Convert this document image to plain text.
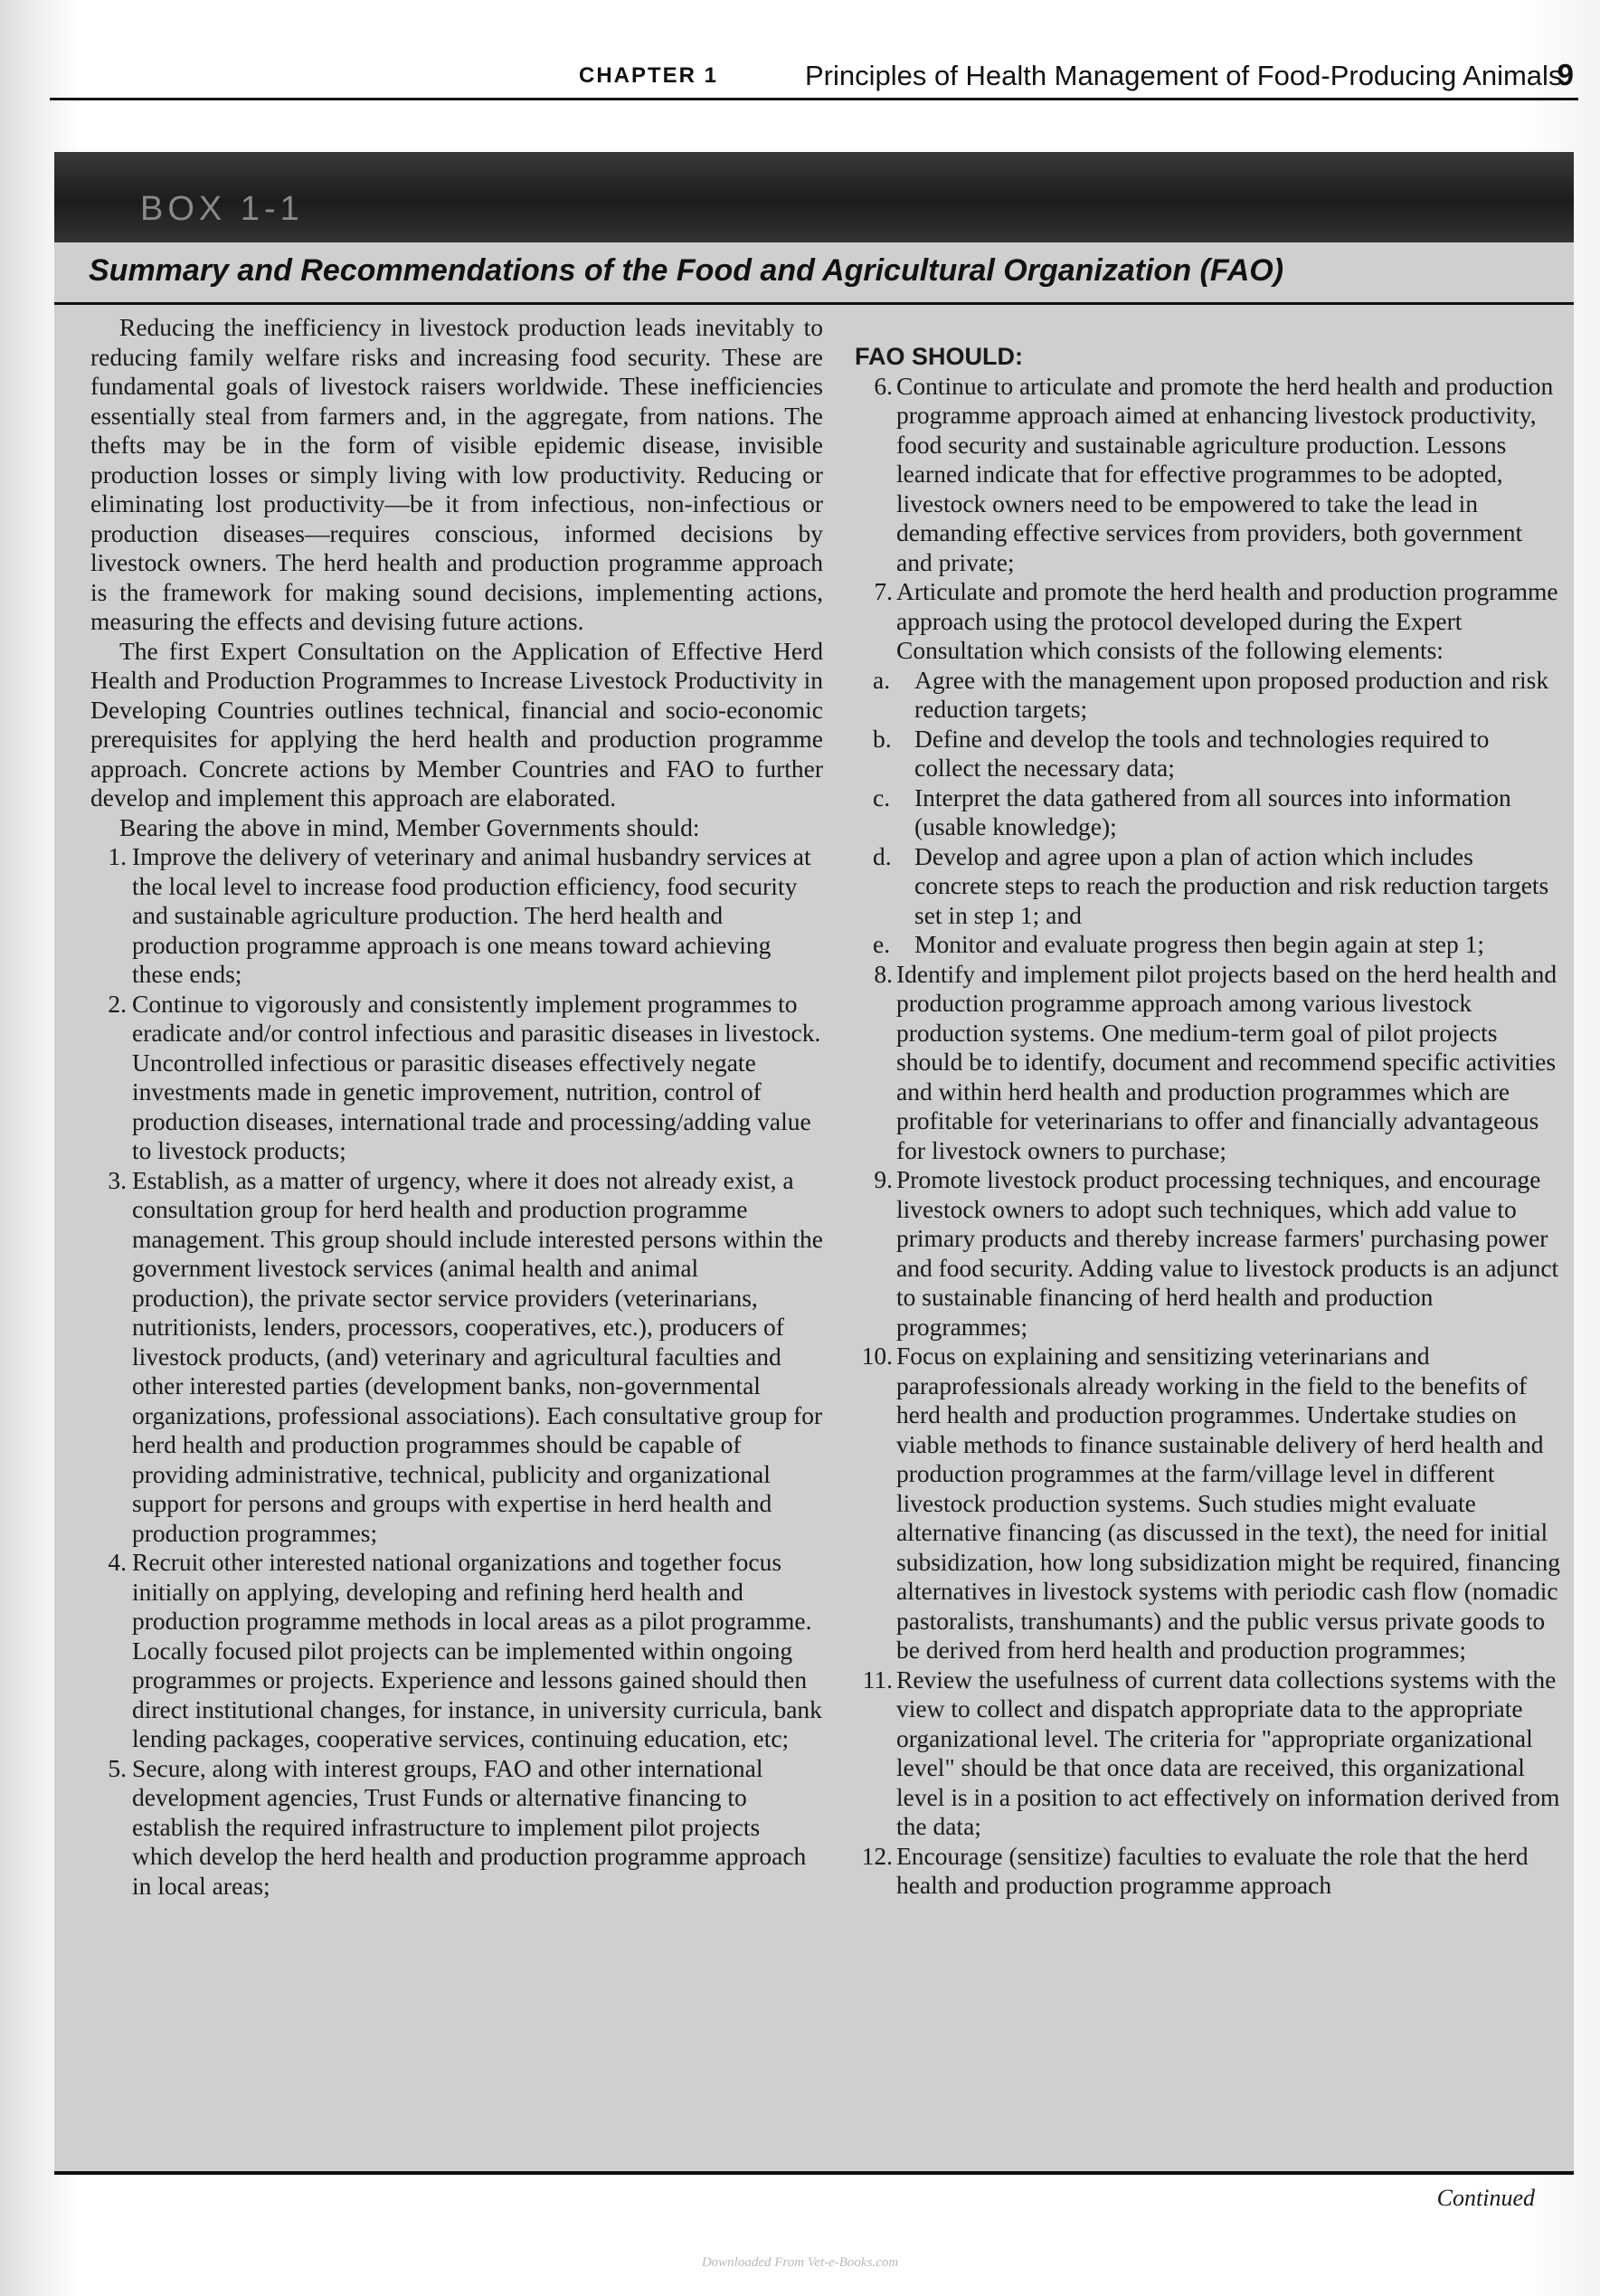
CHAPTER 1	Principles of Health Management of Food-Producing Animals
9
BOX 1-1
Summary and Recommendations of the Food and Agricultural Organization (FAO)

Reducing the inefficiency in livestock production leads inevitably to reducing family welfare risks and increasing food security. These are fundamental goals of livestock raisers worldwide. These inefficiencies essentially steal from farmers and, in the aggregate, from nations. The thefts may be in the form of visible epidemic disease, invisible production losses or simply living with low productivity. Reducing or eliminating lost productivity—be it from infectious, non-infectious or production diseases—requires conscious, informed decisions by livestock owners. The herd health and production programme approach is the framework for making sound decisions, implementing actions, measuring the effects and devising future actions.

The first Expert Consultation on the Application of Effective Herd Health and Production Programmes to Increase Livestock Productivity in Developing Countries outlines technical, financial and socio-economic prerequisites for applying the herd health and production programme approach. Concrete actions by Member Countries and FAO to further develop and implement this approach are elaborated.

Bearing the above in mind, Member Governments should:

1. Improve the delivery of veterinary and animal husbandry services at the local level to increase food production efficiency, food security and sustainable agriculture production. The herd health and production programme approach is one means toward achieving these ends;
2. Continue to vigorously and consistently implement programmes to eradicate and/or control infectious and parasitic diseases in livestock. Uncontrolled infectious or parasitic diseases effectively negate investments made in genetic improvement, nutrition, control of production diseases, international trade and processing/adding value to livestock products;
3. Establish, as a matter of urgency, where it does not already exist, a consultation group for herd health and production programme management. This group should include interested persons within the government livestock services (animal health and animal production), the private sector service providers (veterinarians, nutritionists, lenders, processors, cooperatives, etc.), producers of livestock products, (and) veterinary and agricultural faculties and other interested parties (development banks, non-governmental organizations, professional associations). Each consultative group for herd health and production programmes should be capable of providing administrative, technical, publicity and organizational support for persons and groups with expertise in herd health and production programmes;
4. Recruit other interested national organizations and together focus initially on applying, developing and refining herd health and production programme methods in local areas as a pilot programme. Locally focused pilot projects can be implemented within ongoing programmes or projects. Experience and lessons gained should then direct institutional changes, for instance, in university curricula, bank lending packages, cooperative services, continuing education, etc;
5. Secure, along with interest groups, FAO and other international development agencies, Trust Funds or alternative financing to establish the required infrastructure to implement pilot projects which develop the herd health and production programme approach in local areas;

FAO SHOULD:

6. Continue to articulate and promote the herd health and production programme approach aimed at enhancing livestock productivity, food security and sustainable agriculture production. Lessons learned indicate that for effective programmes to be adopted, livestock owners need to be empowered to take the lead in demanding effective services from providers, both government and private;
7. Articulate and promote the herd health and production programme approach using the protocol developed during the Expert Consultation which consists of the following elements:
a. Agree with the management upon proposed production and risk reduction targets;
b. Define and develop the tools and technologies required to collect the necessary data;
c. Interpret the data gathered from all sources into information (usable knowledge);
d. Develop and agree upon a plan of action which includes concrete steps to reach the production and risk reduction targets set in step 1; and
e. Monitor and evaluate progress then begin again at step 1;
8. Identify and implement pilot projects based on the herd health and production programme approach among various livestock production systems. One medium-term goal of pilot projects should be to identify, document and recommend specific activities and within herd health and production programmes which are profitable for veterinarians to offer and financially advantageous for livestock owners to purchase;
9. Promote livestock product processing techniques, and encourage livestock owners to adopt such techniques, which add value to primary products and thereby increase farmers' purchasing power and food security. Adding value to livestock products is an adjunct to sustainable financing of herd health and production programmes;
10. Focus on explaining and sensitizing veterinarians and paraprofessionals already working in the field to the benefits of herd health and production programmes. Undertake studies on viable methods to finance sustainable delivery of herd health and production programmes at the farm/village level in different livestock production systems. Such studies might evaluate alternative financing (as discussed in the text), the need for initial subsidization, how long subsidization might be required, financing alternatives in livestock systems with periodic cash flow (nomadic pastoralists, transhumants) and the public versus private goods to be derived from herd health and production programmes;
11. Review the usefulness of current data collections systems with the view to collect and dispatch appropriate data to the appropriate organizational level. The criteria for "appropriate organizational level" should be that once data are received, this organizational level is in a position to act effectively on information derived from the data;
12. Encourage (sensitize) faculties to evaluate the role that the herd health and production programme approach
Continued
Downloaded From Vet-e-Books.com
